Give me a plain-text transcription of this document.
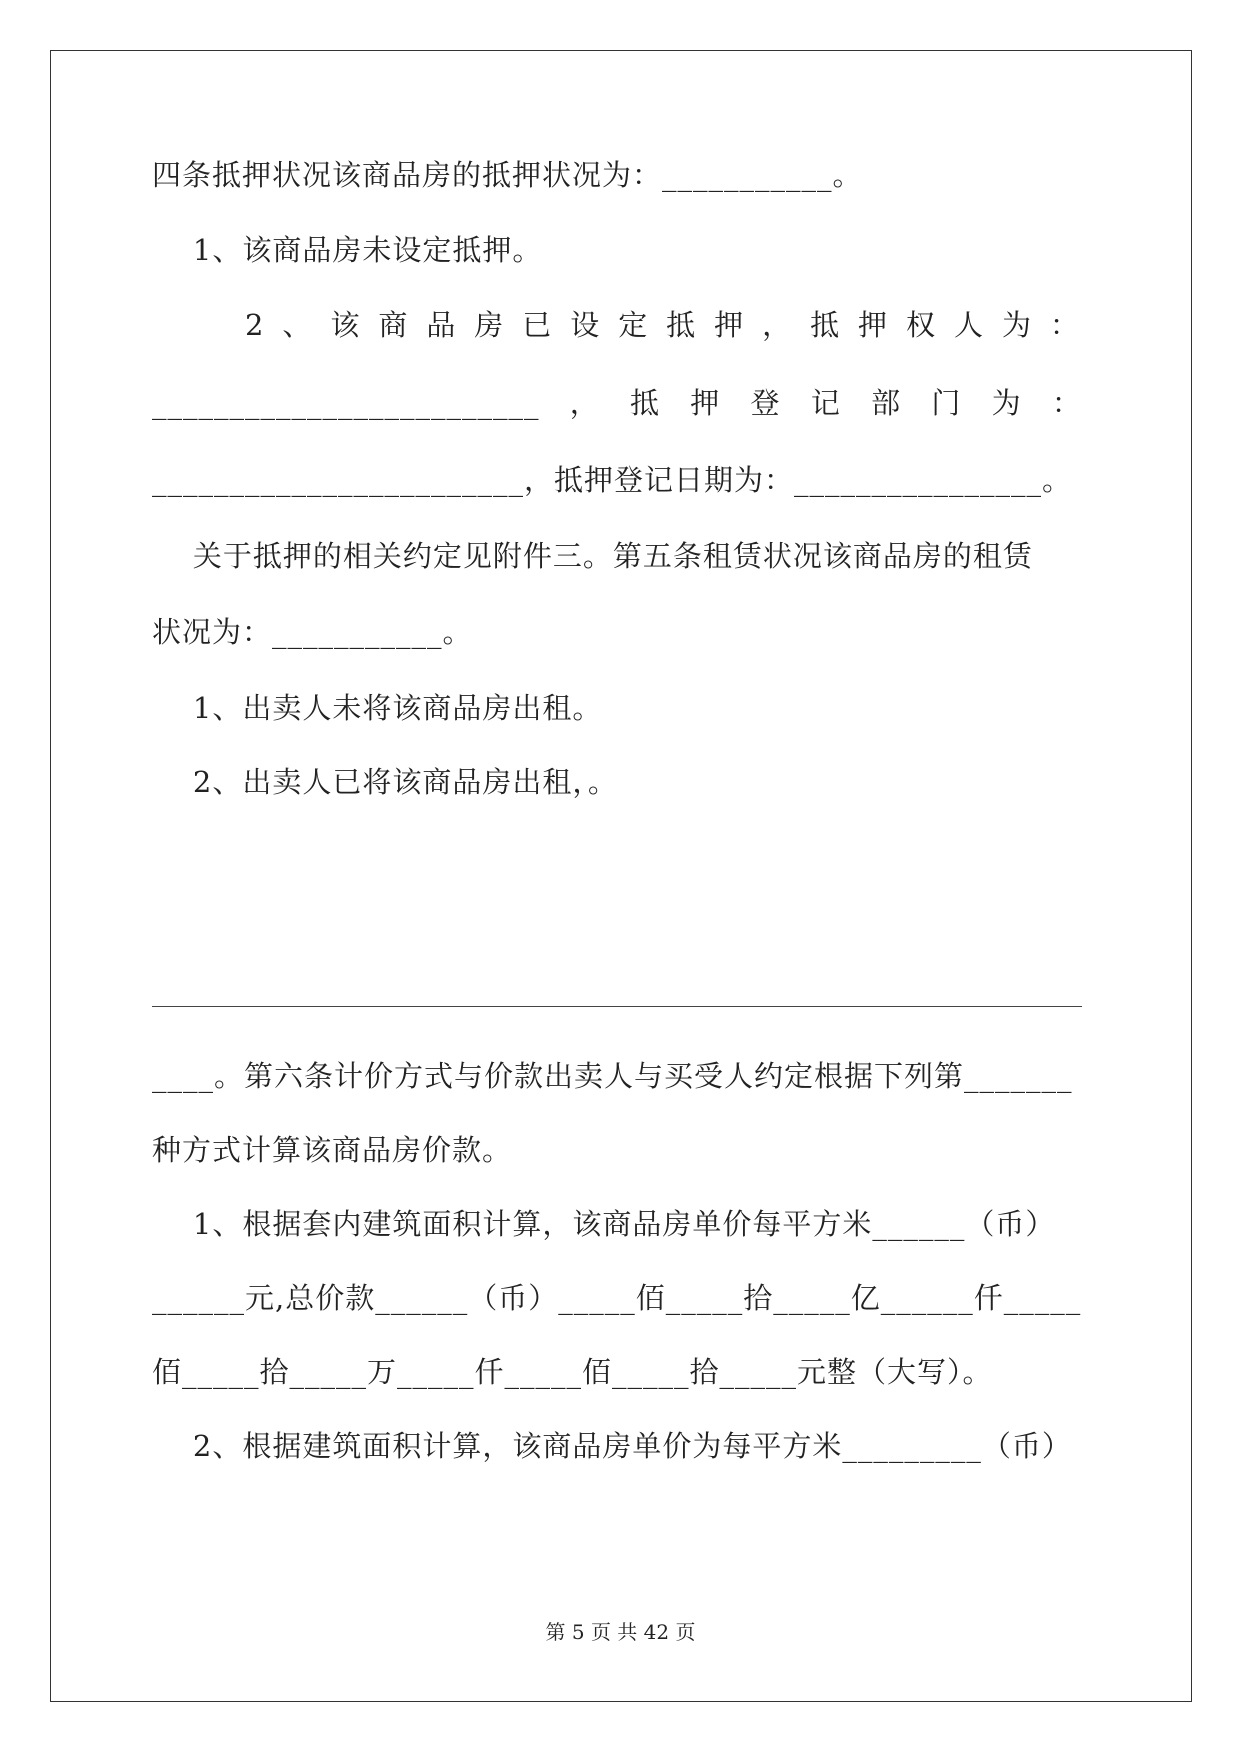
四条抵押状况该商品房的抵押状况为：___________。
1、该商品房未设定抵押。
2 、 该 商 品 房 已 设 定 抵 押 ， 抵 押 权 人 为 ：
_________________________ ， 抵 押 登 记 部 门 为 ：
________________________，抵押登记日期为：________________。
关于抵押的相关约定见附件三。第五条租赁状况该商品房的租赁
状况为：___________。
1、出卖人未将该商品房出租。
2、出卖人已将该商品房出租，。
____。第六条计价方式与价款出卖人与买受人约定根据下列第_______
种方式计算该商品房价款。
1、根据套内建筑面积计算，该商品房单价每平方米______（币）
______元,总价款______（币）_____佰_____拾_____亿______仟_____
佰_____拾_____万_____仟_____佰_____拾_____元整（大写）。
2、根据建筑面积计算，该商品房单价为每平方米_________（币）
第 5 页 共 42 页
